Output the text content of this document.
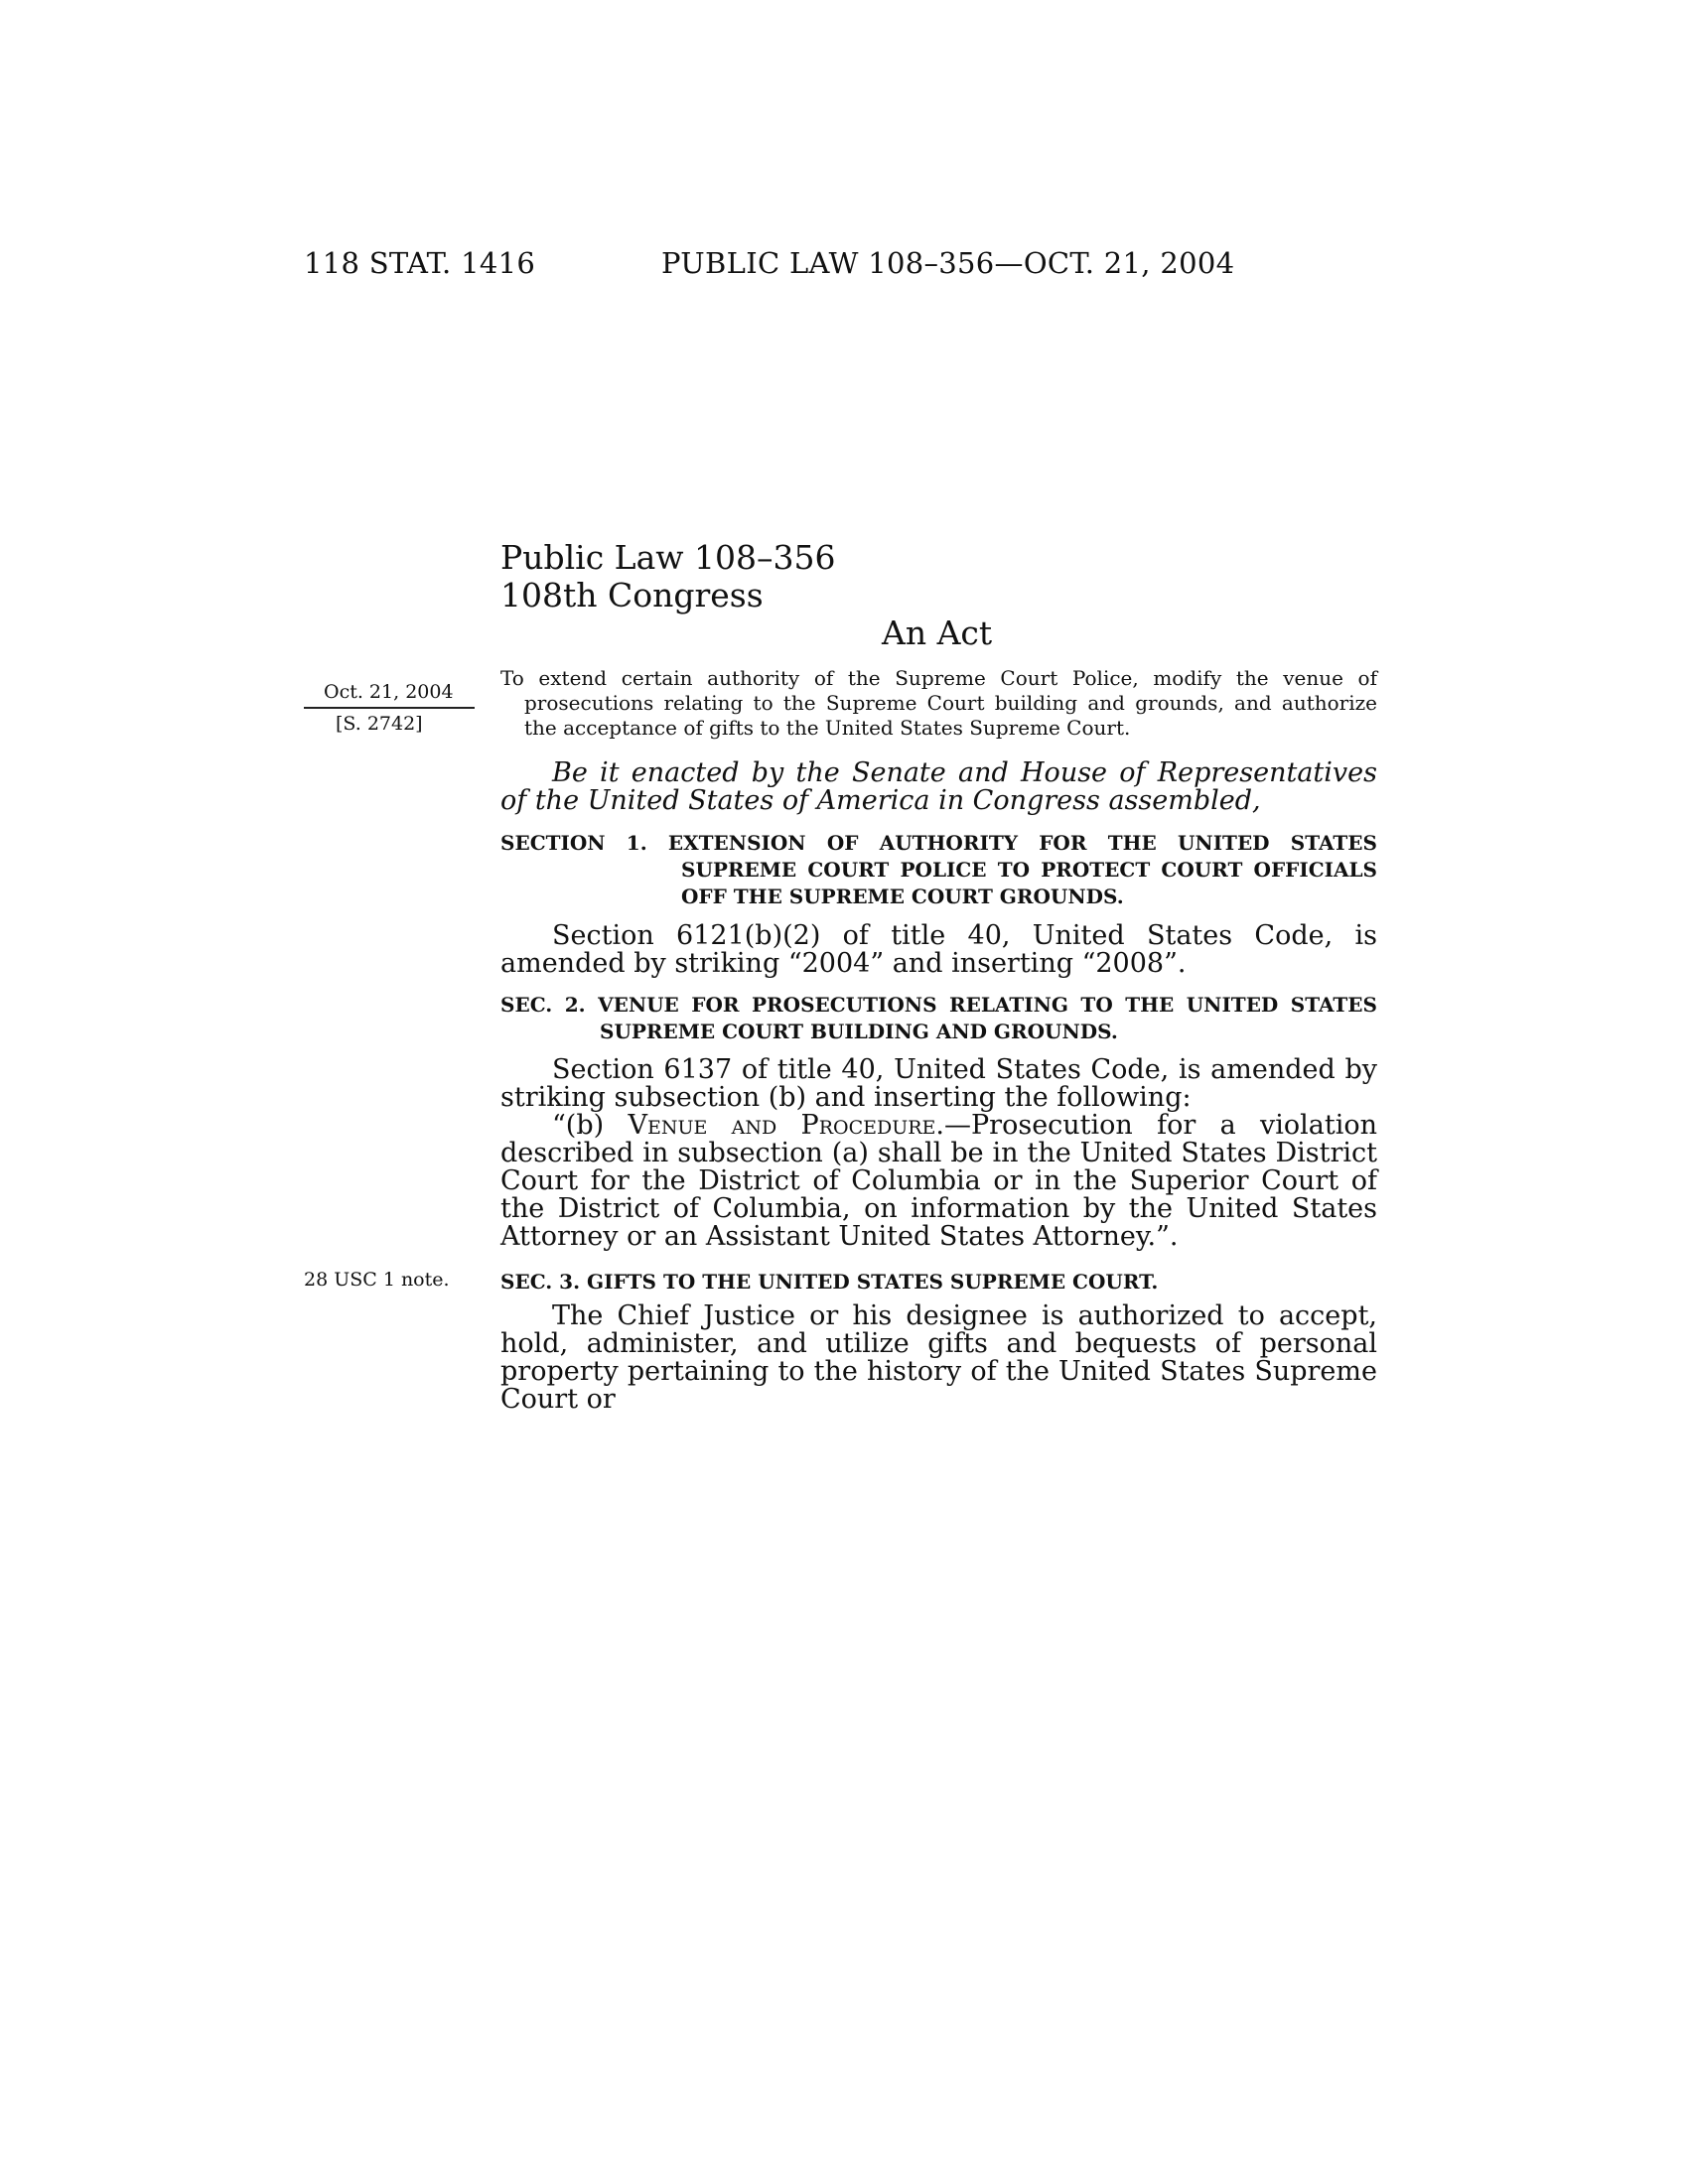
118 STAT. 1416	PUBLIC LAW 108–356—OCT. 21, 2004
Public Law 108–356
108th Congress
An Act
Oct. 21, 2004
[S. 2742]
28 USC 1 note.
To extend certain authority of the Supreme Court Police, modify the venue of prosecutions relating to the Supreme Court building and grounds, and authorize the acceptance of gifts to the United States Supreme Court.
Be it enacted by the Senate and House of Representatives of the United States of America in Congress assembled,
SECTION 1. EXTENSION OF AUTHORITY FOR THE UNITED STATES SUPREME COURT POLICE TO PROTECT COURT OFFICIALS OFF THE SUPREME COURT GROUNDS.

Section 6121(b)(2) of title 40, United States Code, is amended by striking “2004” and inserting “2008”.

SEC. 2. VENUE FOR PROSECUTIONS RELATING TO THE UNITED STATES SUPREME COURT BUILDING AND GROUNDS.

Section 6137 of title 40, United States Code, is amended by striking subsection (b) and inserting the following:

“(b) Venue and Procedure.—Prosecution for a violation described in subsection (a) shall be in the United States District Court for the District of Columbia or in the Superior Court of the District of Columbia, on information by the United States Attorney or an Assistant United States Attorney.”.

SEC. 3. GIFTS TO THE UNITED STATES SUPREME COURT.

The Chief Justice or his designee is authorized to accept, hold, administer, and utilize gifts and bequests of personal property pertaining to the history of the United States Supreme Court or
